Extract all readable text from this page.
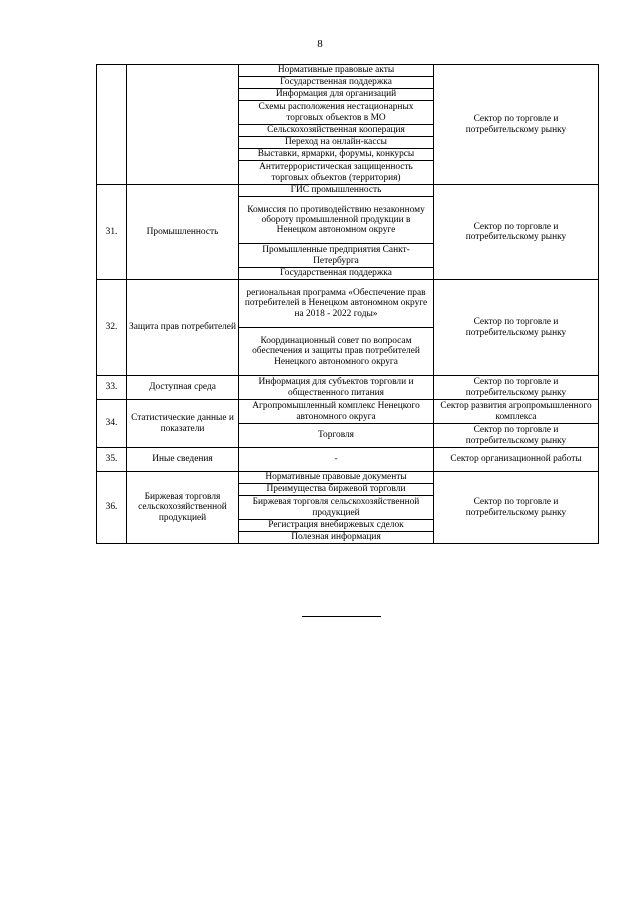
8
		Нормативные правовые акты	Сектор по торговле и потребительскому рынку
		Государственная поддержка	
		Информация для организаций	
		Схемы расположения нестационарных торговых объектов в МО	
		Сельскохозяйственная кооперация	
		Переход на онлайн-кассы	
		Выставки, ярмарки, форумы, конкурсы	
		Антитеррористическая защищенность торговых объектов (территория)	
31.	Промышленность	ГИС промышленность	Сектор по торговле и потребительскому рынку
		Комиссия по противодействию незаконному обороту промышленной продукции в Ненецком автономном округе	
		Промышленные предприятия Санкт-Петербурга	
		Государственная поддержка	
32.	Защита прав потребителей	региональная программа «Обеспечение прав потребителей в Ненецком автономном округе на 2018 - 2022 годы»	Сектор по торговле и потребительскому рынку
		Координационный совет по вопросам обеспечения и защиты прав потребителей Ненецкого автономного округа	
33.	Доступная среда	Информация для субъектов торговли и общественного питания	Сектор по торговле и потребительскому рынку
34.	Статистические данные и показатели	Агропромышленный комплекс Ненецкого автономного округа	Сектор развития агропромышленного комплекса
		Торговля	Сектор по торговле и потребительскому рынку
35.	Иные сведения	-	Сектор организационной работы
36.	Биржевая торговля сельскохозяйственной продукцией	Нормативные правовые документы	Сектор по торговле и потребительскому рынку
		Преимущества биржевой торговли	
		Биржевая торговля сельскохозяйственной продукцией	
		Регистрация внебиржевых сделок	
		Полезная информация	
